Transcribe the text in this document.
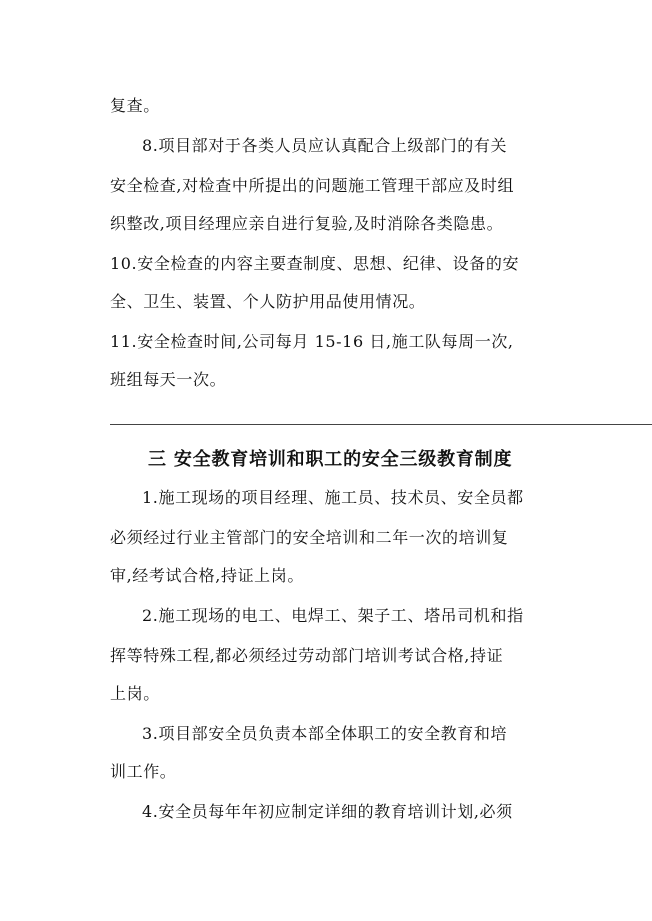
复查。
8.项目部对于各类人员应认真配合上级部门的有关
安全检查,对检查中所提出的问题施工管理干部应及时组
织整改,项目经理应亲自进行复验,及时消除各类隐患。
10.安全检查的内容主要查制度、思想、纪律、设备的安
全、卫生、装置、个人防护用品使用情况。
11.安全检查时间,公司每月 15-16 日,施工队每周一次,
班组每天一次。
三 安全教育培训和职工的安全三级教育制度
1.施工现场的项目经理、施工员、技术员、安全员都
必须经过行业主管部门的安全培训和二年一次的培训复
审,经考试合格,持证上岗。
2.施工现场的电工、电焊工、架子工、塔吊司机和指
挥等特殊工程,都必须经过劳动部门培训考试合格,持证
上岗。
3.项目部安全员负责本部全体职工的安全教育和培
训工作。
4.安全员每年年初应制定详细的教育培训计划,必须
